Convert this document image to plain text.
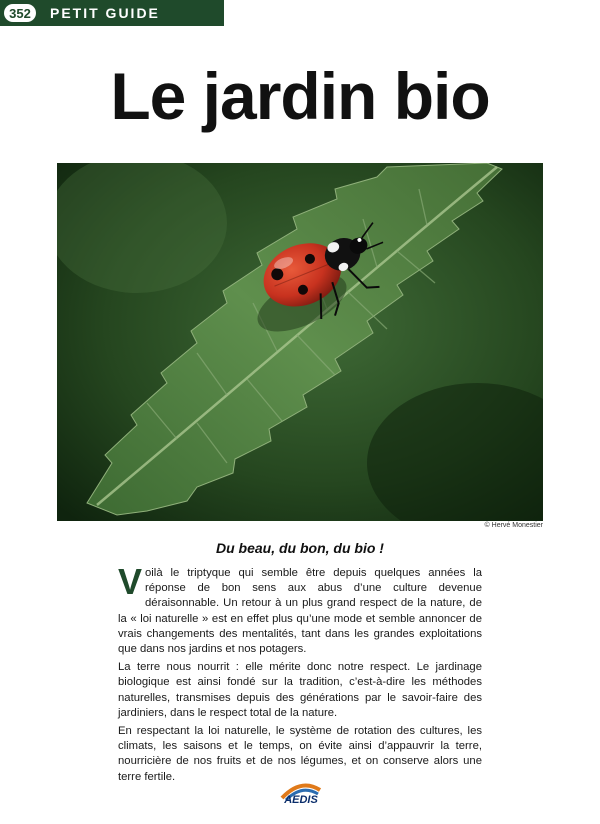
352	PETIT GUIDE
Le jardin bio
© Hervé Monestier
Du beau, du bon, du bio !

Voilà le triptyque qui semble être depuis quelques années la réponse de bon sens aux abus d’une culture devenue déraisonnable. Un retour à un plus grand respect de la nature, de la « loi naturelle » est en effet plus qu’une mode et semble annoncer de vrais changements des mentalités, tant dans les grandes exploitations que dans nos jardins et nos potagers.

La terre nous nourrit : elle mérite donc notre respect. Le jardinage biologique est ainsi fondé sur la tradition, c’est-à-dire les méthodes naturelles, transmises depuis des générations par le savoir-faire des jardiniers, dans le respect total de la nature.

En respectant la loi naturelle, le système de rotation des cultures, les climats, les saisons et le temps, on évite ainsi d’appauvrir la terre, nourricière de nos fruits et de nos légumes, et on conserve alors une terre fertile.

AEDIS
